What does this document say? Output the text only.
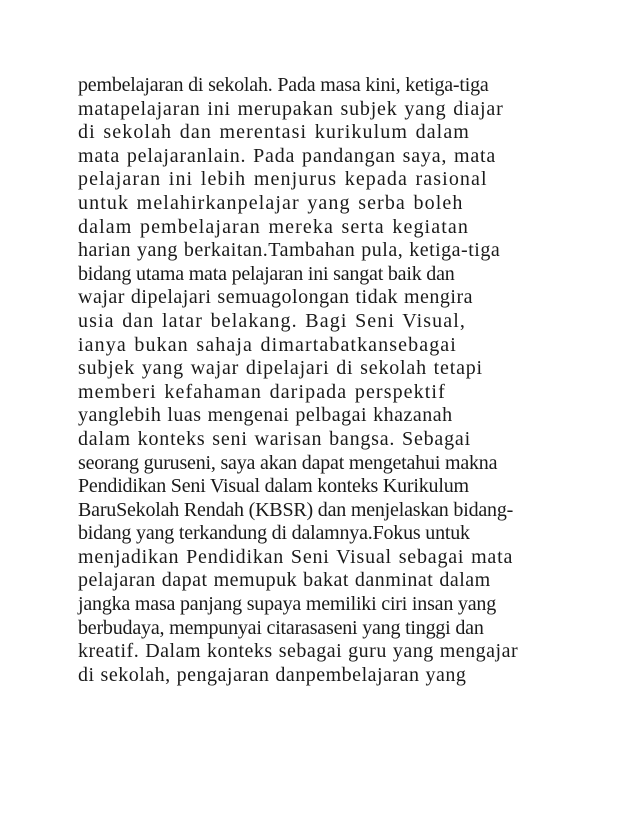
pembelajaran di sekolah. Pada masa kini, ketiga-tiga
matapelajaran ini merupakan subjek yang diajar
di sekolah dan merentasi kurikulum dalam
mata pelajaranlain. Pada pandangan saya, mata
pelajaran ini lebih menjurus kepada rasional
untuk melahirkanpelajar yang serba boleh
dalam pembelajaran mereka serta kegiatan
harian yang berkaitan.Tambahan pula, ketiga-tiga
bidang utama mata pelajaran ini sangat baik dan
wajar dipelajari semuagolongan tidak mengira
usia dan latar belakang. Bagi Seni Visual,
ianya bukan sahaja dimartabatkansebagai
subjek yang wajar dipelajari di sekolah tetapi
memberi kefahaman daripada perspektif
yanglebih luas mengenai pelbagai khazanah
dalam konteks seni warisan bangsa. Sebagai
seorang guruseni, saya akan dapat mengetahui makna
Pendidikan Seni Visual dalam konteks Kurikulum
BaruSekolah Rendah (KBSR) dan menjelaskan bidang-
bidang yang terkandung di dalamnya.Fokus untuk
menjadikan Pendidikan Seni Visual sebagai mata
pelajaran dapat memupuk bakat danminat dalam
jangka masa panjang supaya memiliki ciri insan yang
berbudaya, mempunyai citarasaseni yang tinggi dan
kreatif. Dalam konteks sebagai guru yang mengajar
di sekolah, pengajaran danpembelajaran yang
